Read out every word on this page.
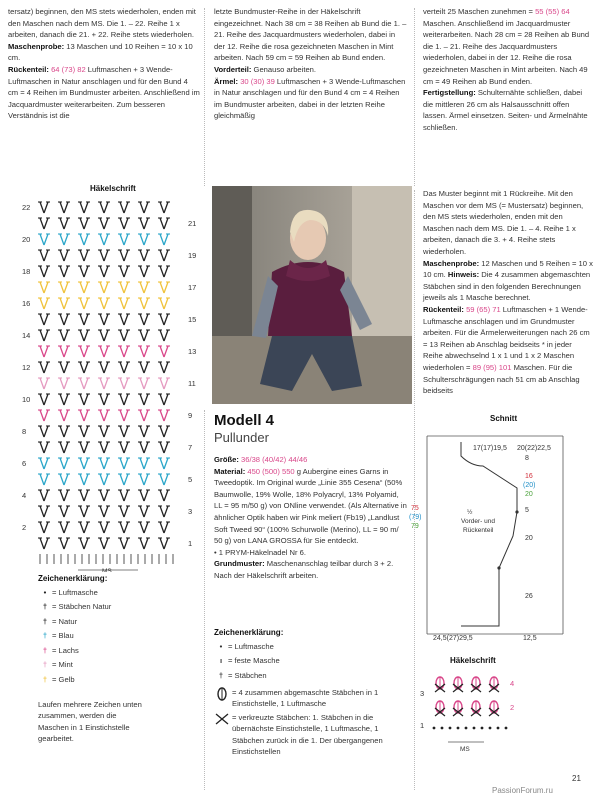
tersatz) beginnen, den MS stets wiederholen, enden mit den Maschen nach dem MS. Die 1. – 22. Reihe 1 x arbeiten, danach die 21. + 22. Reihe stets wiederholen.
Maschenprobe: 13 Maschen und 10 Reihen = 10 x 10 cm.
Rückenteil: 64 (73) 82 Luftmaschen + 3 Wende-Luftmaschen in Natur anschlagen und für den Bund 4 cm = 4 Reihen im Bundmuster arbeiten. Anschließend im Jacquardmuster weiterarbeiten. Zum besseren Verständnis ist die
letzte Bundmuster-Reihe in der Häkelschrift eingezeichnet. Nach 38 cm = 38 Reihen ab Bund die 1. – 21. Reihe des Jacquardmusters wiederholen, dabei in der 12. Reihe die rosa gezeichneten Maschen in Mint arbeiten. Nach 59 cm = 59 Reihen ab Bund enden.
Vorderteil: Genauso arbeiten.
Ärmel: 30 (30) 39 Luftmaschen + 3 Wende-Luftmaschen in Natur anschlagen und für den Bund 4 cm = 4 Reihen im Bundmuster arbeiten, dabei in der letzten Reihe gleichmäßig
verteilt 25 Maschen zunehmen = 55 (55) 64 Maschen. Anschließend im Jacquardmuster weiterarbeiten. Nach 28 cm = 28 Reihen ab Bund die 1. – 21. Reihe des Jacquardmusters wiederholen, dabei in der 12. Reihe die rosa gezeichneten Maschen in Mint arbeiten. Nach 49 cm = 49 Reihen ab Bund enden.
Fertigstellung: Schulternähte schließen, dabei die mittleren 26 cm als Halsausschnitt offen lassen. Ärmel einsetzen. Seiten- und Ärmelnähte schließen.
Häkelschrift
22
20
18
16
14
12
10
8
6
4
2
21
19
17
15
13
11
9
7
5
3
1
MS
Zeichenerklärung:
• = Luftmasche
† = Stäbchen Natur
† = Natur
† = Blau
† = Lachs
† = Mint
† = Gelb
Laufen mehrere Zeichen unten zusammen, werden die Maschen in 1 Einstichstelle gearbeitet.
Modell 4
Pullunder
Größe: 36/38 (40/42) 44/46
Material: 450 (500) 550 g Aubergine eines Garns in Tweedoptik. Im Original wurde „Linie 355 Cesena“ (50% Baumwolle, 19% Wolle, 18% Polyacryl, 13% Polyamid, LL = 95 m/50 g) von ONline verwendet. (Als Alternative in ähnlicher Optik haben wir Pink meliert (Fb19) „Landlust Soft Tweed 90“ (100% Schurwolle (Merino), LL = 90 m/ 50 g) von LANA GROSSA für Sie entdeckt.
• 1 PRYM-Häkelnadel Nr 6.
Grundmuster: Maschenanschlag teilbar durch 3 + 2. Nach der Häkelschrift arbeiten.
Zeichenerklärung:
• = Luftmasche
ı = feste Masche
† = Stäbchen
= 4 zusammen abgemaschte Stäbchen in 1 Einstichstelle, 1 Luftmasche
= verkreuzte Stäbchen: 1. Stäbchen in die übernächste Einstichstelle, 1 Luftmasche, 1 Stäbchen zurück in die 1. Der übergangenen Einstichstellen
Das Muster beginnt mit 1 Rückreihe. Mit den Maschen vor dem MS (= Mustersatz) beginnen, den MS stets wiederholen, enden mit den Maschen nach dem MS. Die 1. – 4. Reihe 1 x arbeiten, danach die 3. + 4. Reihe stets wiederholen.
Maschenprobe: 12 Maschen und 5 Reihen = 10 x 10 cm. Hinweis: Die 4 zusammen abgemaschten Stäbchen sind in den folgenden Berechnungen jeweils als 1 Masche berechnet.
Rückenteil: 59 (65) 71 Luftmaschen + 1 Wende-Luftmasche anschlagen und im Grundmuster arbeiten. Für die Ärmelerweiterungen nach 26 cm = 13 Reihen ab Anschlag beidseits * in jeder Reihe abwechselnd 1 x 1 und 1 x 2 Maschen wiederholen = 89 (95) 101 Maschen. Für die Schulterschrägungen nach 51 cm ab Anschlag beidseits
Schnitt
17(17)19,5 20(22)22,5
8
16
(20)
20
5
20
26
75
(79)
79
½ Vorder- und Rückenteil
24,5(27)29,5	12,5
Häkelschrift
3
1
4
2
MS
21
PassionForum.ru
